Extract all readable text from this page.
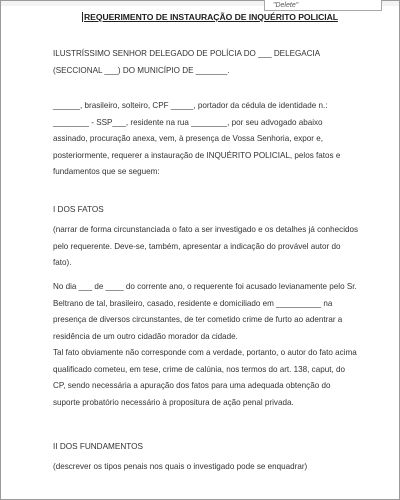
"Delete"
REQUERIMENTO DE INSTAURAÇÃO DE INQUÉRITO POLICIAL
ILUSTRÍSSIMO SENHOR DELEGADO DE POLÍCIA DO ___ DELEGACIA
(SECCIONAL ___) DO MUNICÍPIO DE _______.
______, brasileiro, solteiro, CPF _____, portador da cédula de identidade n.:
________ - SSP___, residente na rua ________, por seu advogado abaixo
assinado, procuração anexa, vem, à presença de Vossa Senhoria, expor e,
posteriormente, requerer a instauração de INQUÉRITO POLICIAL, pelos fatos e
fundamentos que se seguem:
I DOS FATOS
(narrar de forma circunstanciada o fato a ser investigado e os detalhes já conhecidos
pelo requerente. Deve-se, também, apresentar a indicação do provável autor do
fato).
No dia ___ de ____ do corrente ano, o requerente foi acusado levianamente pelo Sr.
Beltrano de tal, brasileiro, casado, residente e domiciliado em __________ na
presença de diversos circunstantes, de ter cometido crime de furto ao adentrar a
residência de um outro cidadão morador da cidade.
Tal fato obviamente não corresponde com a verdade, portanto, o autor do fato acima
qualificado cometeu, em tese, crime de calúnia, nos termos do art. 138, caput, do
CP, sendo necessária a apuração dos fatos para uma adequada obtenção do
suporte probatório necessário à propositura de ação penal privada.
II DOS FUNDAMENTOS
(descrever os tipos penais nos quais o investigado pode se enquadrar)
